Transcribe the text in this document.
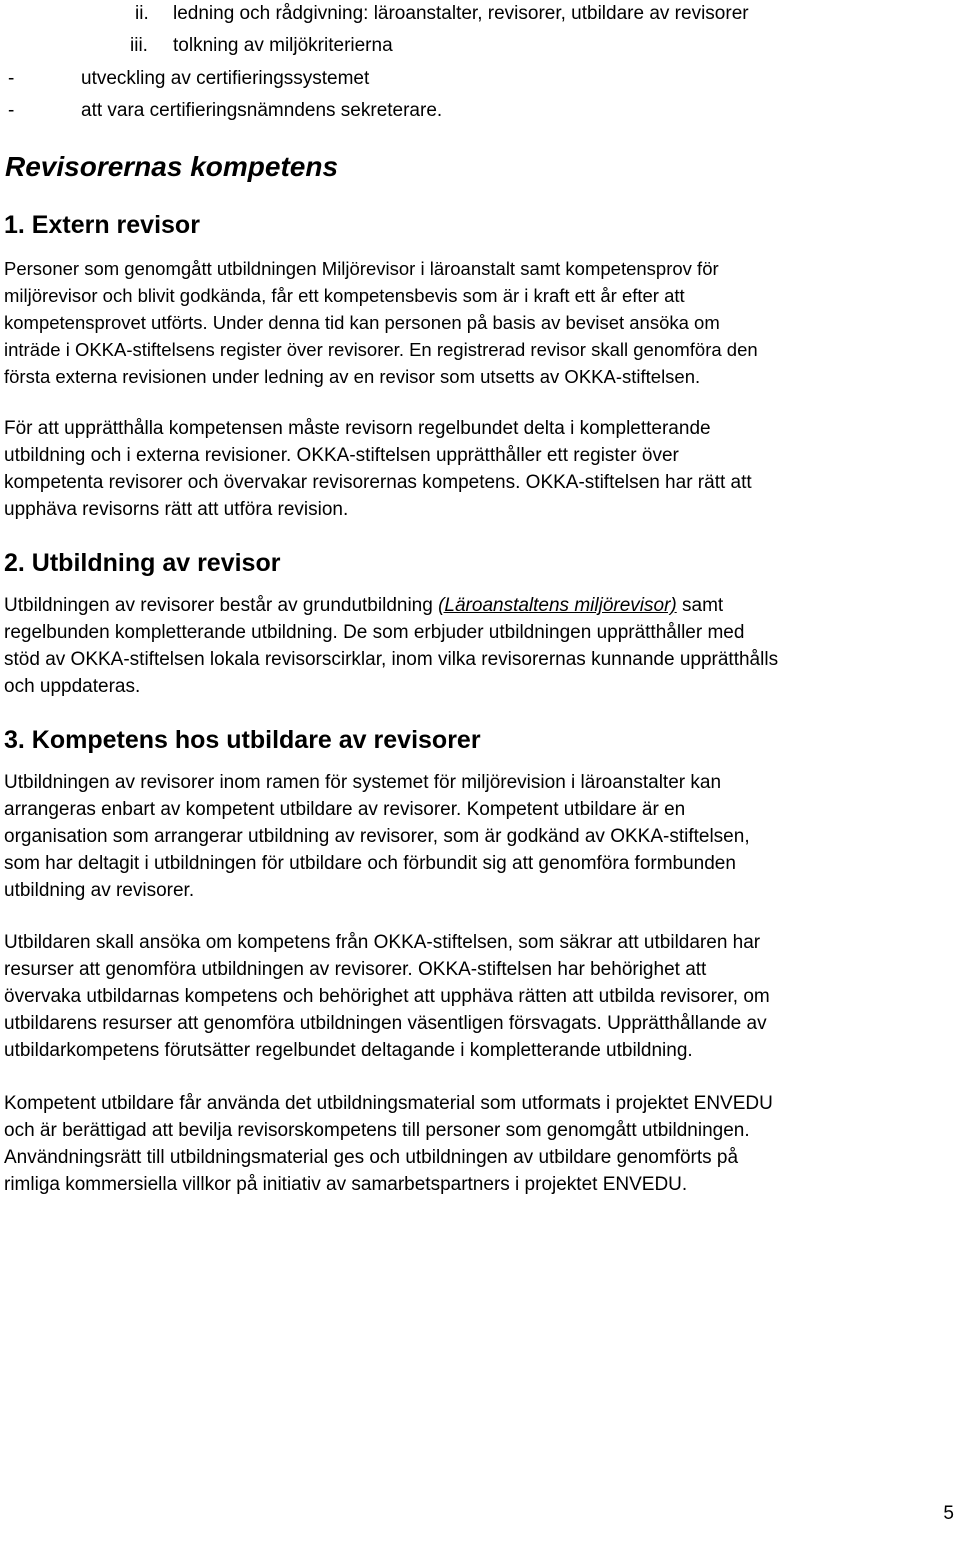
ii. ledning och rådgivning: läroanstalter, revisorer, utbildare av revisorer
iii. tolkning av miljökriterierna
-	utveckling av certifieringssystemet
-	att vara certifieringsnämndens sekreterare.
Revisorernas kompetens
1. Extern revisor
Personer som genomgått utbildningen Miljörevisor i läroanstalt samt kompetensprov för
miljörevisor och blivit godkända, får ett kompetensbevis som är i kraft ett år efter att
kompetensprovet utförts. Under denna tid kan personen på basis av beviset ansöka om
inträde i OKKA-stiftelsens register över revisorer. En registrerad revisor skall genomföra den
första externa revisionen under ledning av en revisor som utsetts av OKKA-stiftelsen.
För att upprätthålla kompetensen måste revisorn regelbundet delta i kompletterande
utbildning och i externa revisioner. OKKA-stiftelsen upprätthåller ett register över
kompetenta revisorer och övervakar revisorernas kompetens. OKKA-stiftelsen har rätt att
upphäva revisorns rätt att utföra revision.
2. Utbildning av revisor
Utbildningen av revisorer består av grundutbildning (Läroanstaltens miljörevisor) samt
regelbunden kompletterande utbildning. De som erbjuder utbildningen upprätthåller med
stöd av OKKA-stiftelsen lokala revisorscirklar, inom vilka revisorernas kunnande upprätthålls
och uppdateras.
3. Kompetens hos utbildare av revisorer
Utbildningen av revisorer inom ramen för systemet för miljörevision i läroanstalter kan
arrangeras enbart av kompetent utbildare av revisorer. Kompetent utbildare är en
organisation som arrangerar utbildning av revisorer, som är godkänd av OKKA-stiftelsen,
som har deltagit i utbildningen för utbildare och förbundit sig att genomföra formbunden
utbildning av revisorer.
Utbildaren skall ansöka om kompetens från OKKA-stiftelsen, som säkrar att utbildaren har
resurser att genomföra utbildningen av revisorer. OKKA-stiftelsen har behörighet att
övervaka utbildarnas kompetens och behörighet att upphäva rätten att utbilda revisorer, om
utbildarens resurser att genomföra utbildningen väsentligen försvagats. Upprätthållande av
utbildarkompetens förutsätter regelbundet deltagande i kompletterande utbildning.
Kompetent utbildare får använda det utbildningsmaterial som utformats i projektet ENVEDU
och är berättigad att bevilja revisorskompetens till personer som genomgått utbildningen.
Användningsrätt till utbildningsmaterial ges och utbildningen av utbildare genomförts på
rimliga kommersiella villkor på initiativ av samarbetspartners i projektet ENVEDU.
5
